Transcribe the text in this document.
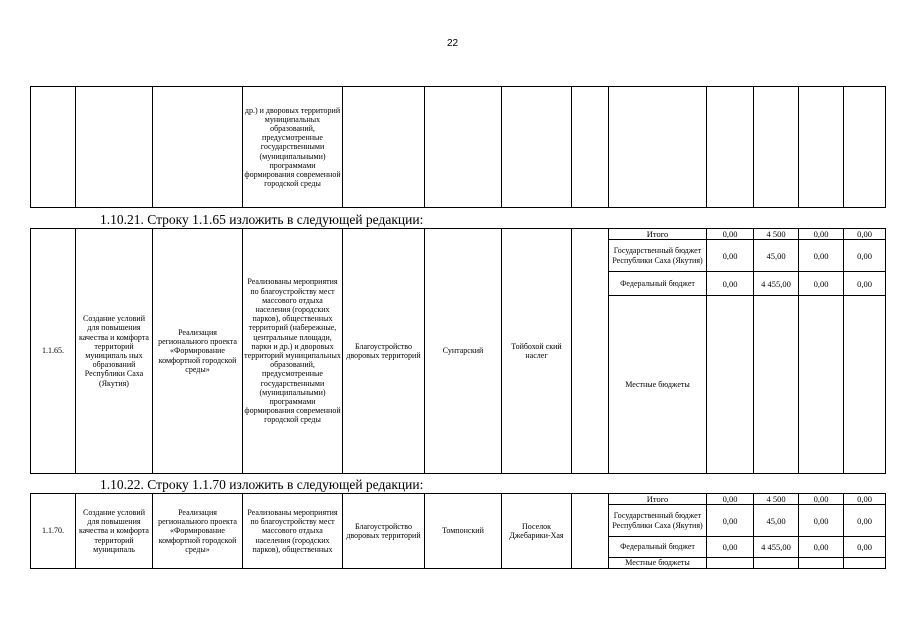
22
			др.) и дворовых территорий муниципальных образований, предусмотренные государственными (муниципальными) программами формирования современной городской среды									
1.10.21. Строку 1.1.65 изложить в следующей редакции:
1.1.65.	Создание условий для повышения качества и комфорта территорий муниципаль ных образований Республики Саха (Якутия)	Реализация регионального проекта «Формирование комфортной городской среды»	Реализованы мероприятия по благоустройству мест массового отдыха населения (городских парков), общественных территорий (набережные, центральные площади, парки и др.) и дворовых территорий муниципальных образований, предусмотренные государственными (муниципальными) программами формирования современной городской среды	Благоустройство дворовых территорий	Сунтарский	Тойбохой ский наслег		Итого	0,00	4 500	0,00	0,00
								Государственный бюджет Республики Саха (Якутия)	0,00	45,00	0,00	0,00
								Федеральный бюджет	0,00	4 455,00	0,00	0,00
								Местные бюджеты				
1.10.22. Строку 1.1.70 изложить в следующей редакции:
1.1.70.	Создание условий для повышения качества и комфорта территорий муниципаль	Реализация регионального проекта «Формирование комфортной городской среды»	Реализованы мероприятия по благоустройству мест массового отдыха населения (городских парков), общественных	Благоустройство дворовых территорий	Томпонский	Поселок Джебарики-Хая		Итого	0,00	4 500	0,00	0,00
								Государственный бюджет Республики Саха (Якутия)	0,00	45,00	0,00	0,00
								Федеральный бюджет	0,00	4 455,00	0,00	0,00
								Местные бюджеты				
